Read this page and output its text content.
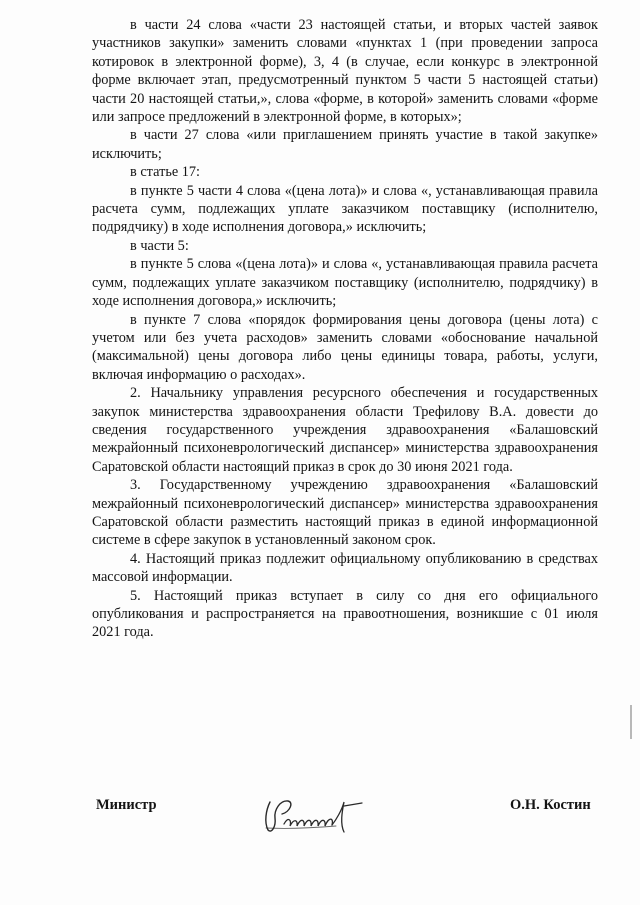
в части 24 слова «части 23 настоящей статьи, и вторых частей заявок участников закупки» заменить словами «пунктах 1 (при проведении запроса котировок в электронной форме), 3, 4 (в случае, если конкурс в электронной форме включает этап, предусмотренный пунктом 5 части 5 настоящей статьи) части 20 настоящей статьи,», слова «форме, в которой» заменить словами «форме или запросе предложений в электронной форме, в которых»;

в части 27 слова «или приглашением принять участие в такой закупке» исключить;

в статье 17:

в пункте 5 части 4 слова «(цена лота)» и слова «, устанавливающая правила расчета сумм, подлежащих уплате заказчиком поставщику (исполнителю, подрядчику) в ходе исполнения договора,» исключить;

в части 5:

в пункте 5 слова «(цена лота)» и слова «, устанавливающая правила расчета сумм, подлежащих уплате заказчиком поставщику (исполнителю, подрядчику) в ходе исполнения договора,» исключить;

в пункте 7 слова «порядок формирования цены договора (цены лота) с учетом или без учета расходов» заменить словами «обоснование начальной (максимальной) цены договора либо цены единицы товара, работы, услуги, включая информацию о расходах».

2. Начальнику управления ресурсного обеспечения и государственных закупок министерства здравоохранения области Трефилову В.А. довести до сведения государственного учреждения здравоохранения «Балашовский межрайонный психоневрологический диспансер» министерства здравоохранения Саратовской области настоящий приказ в срок до 30 июня 2021 года.

3. Государственному учреждению здравоохранения «Балашовский межрайонный психоневрологический диспансер» министерства здравоохранения Саратовской области разместить настоящий приказ в единой информационной системе в сфере закупок в установленный законом срок.

4. Настоящий приказ подлежит официальному опубликованию в средствах массовой информации.

5. Настоящий приказ вступает в силу со дня его официального опубликования и распространяется на правоотношения, возникшие с 01 июля 2021 года.

Министр	О.Н. Костин
